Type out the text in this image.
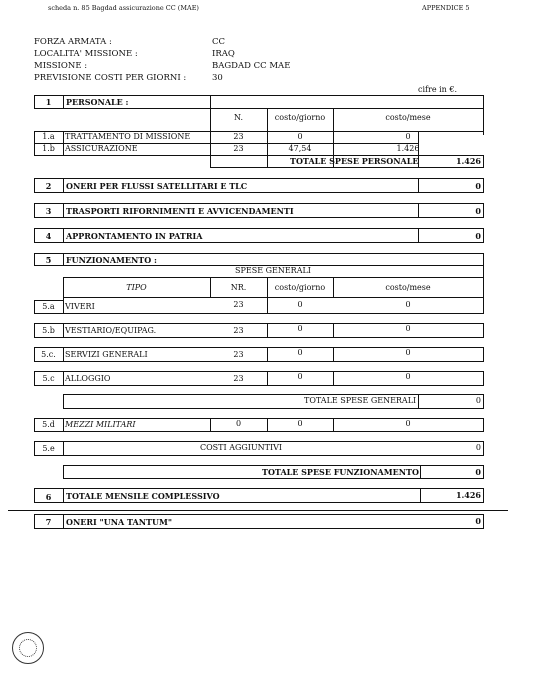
scheda n. 85 Bagdad assicurazione CC (MAE)	APPENDICE 5
FORZA ARMATA :	CC
LOCALITA' MISSIONE :	IRAQ
MISSIONE :	BAGDAD CC MAE
PREVISIONE COSTI PER GIORNI :	30
cifre in €.
1	PERSONALE :
N.	costo/giorno	costo/mese
1.a	TRATTAMENTO DI MISSIONE	23	0	0
1.b	ASSICURAZIONE	23	47,54	1.426
TOTALE SPESE PERSONALE	1.426
2	ONERI PER FLUSSI SATELLITARI E TLC	0
3	TRASPORTI RIFORNIMENTI E AVVICENDAMENTI	0
4	APPRONTAMENTO IN PATRIA	0
5	FUNZIONAMENTO :
SPESE GENERALI
TIPO	NR.	costo/giorno	costo/mese
5.a	VIVERI	23	0	0
5.b	VESTIARIO/EQUIPAG.	23	0	0
5.c.	SERVIZI GENERALI	23	0	0
5.c	ALLOGGIO	23	0	0
TOTALE SPESE GENERALI	0
5.d	MEZZI MILITARI	0	0	0
5.e	COSTI AGGIUNTIVI	0
TOTALE SPESE FUNZIONAMENTO	0
6	TOTALE MENSILE COMPLESSIVO	1.426
7	ONERI "UNA TANTUM"	0
